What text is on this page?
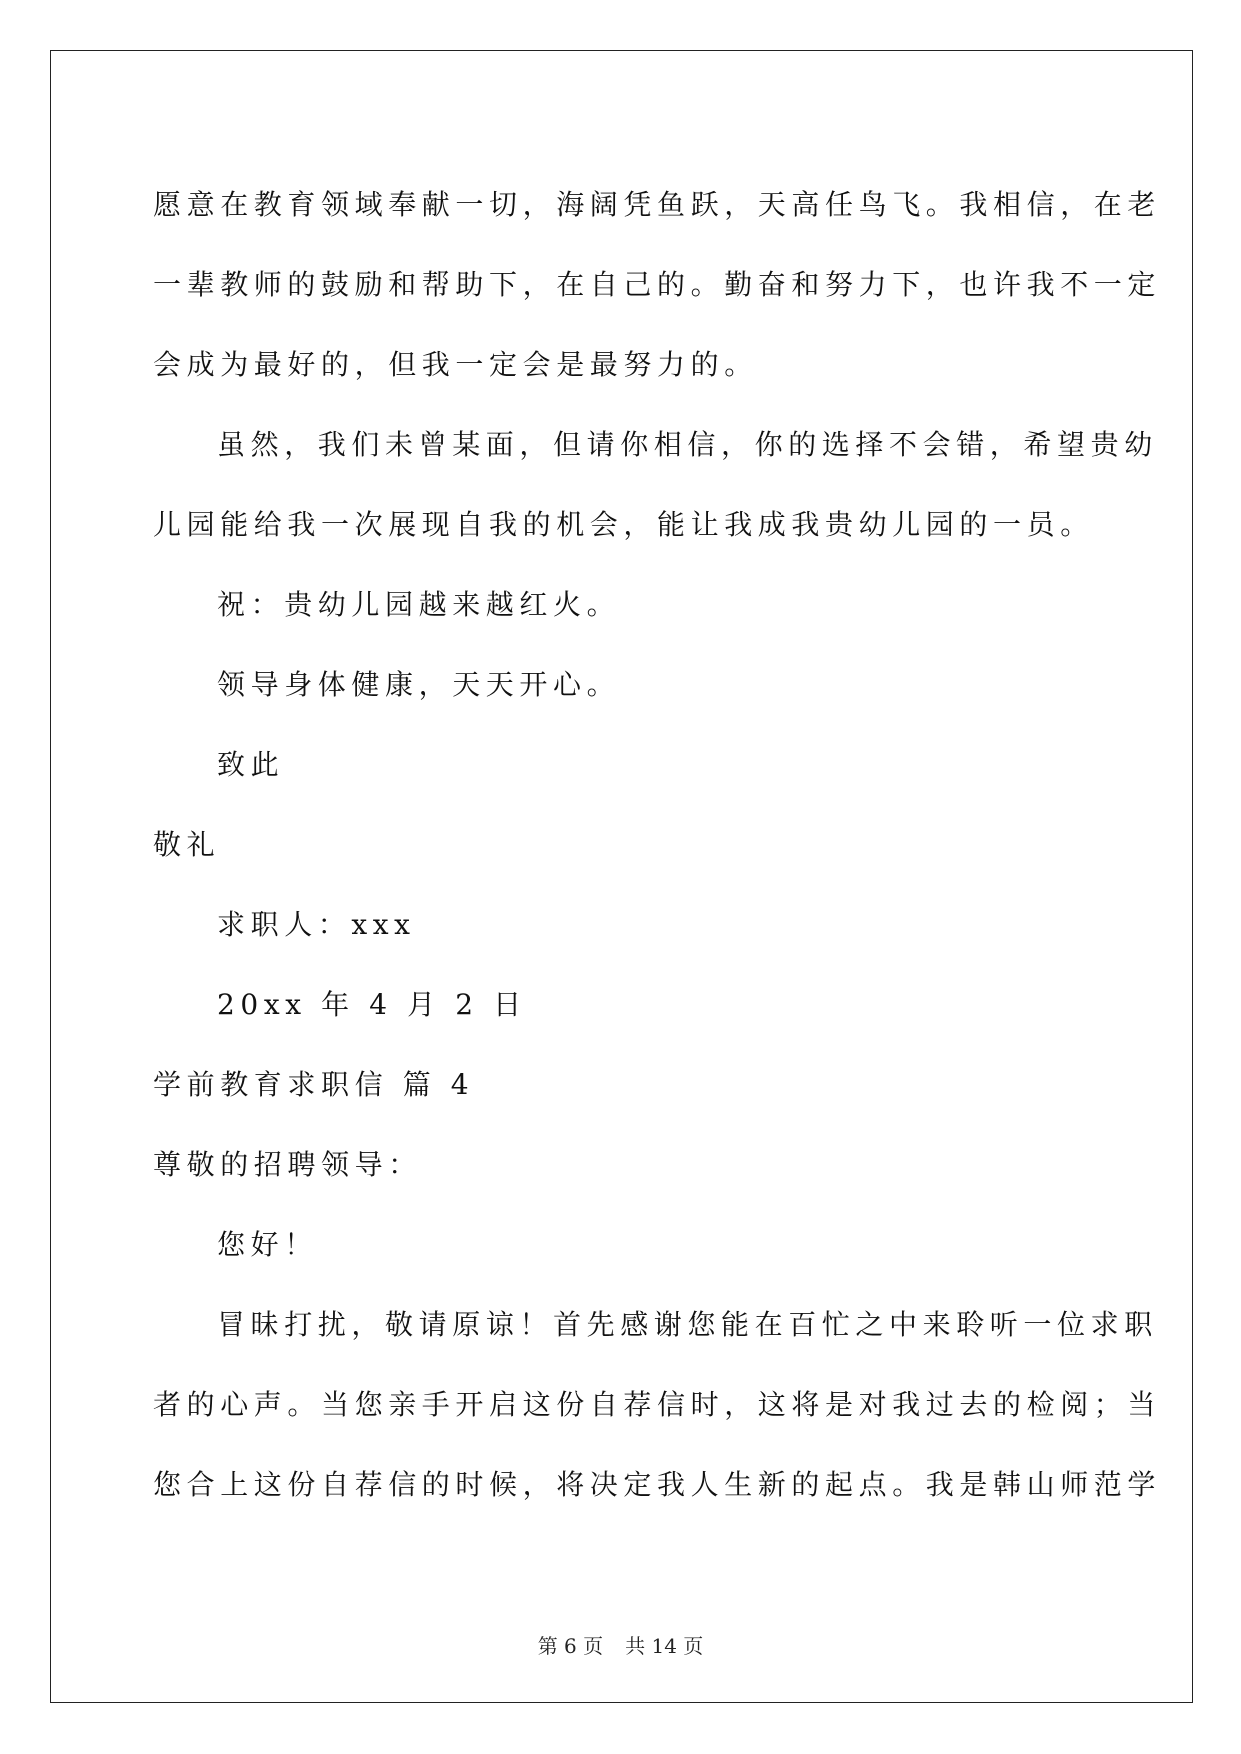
愿意在教育领域奉献一切，海阔凭鱼跃，天高任鸟飞。我相信，在老
一辈教师的鼓励和帮助下，在自己的。勤奋和努力下，也许我不一定
会成为最好的，但我一定会是最努力的。
虽然，我们未曾某面，但请你相信，你的选择不会错，希望贵幼
儿园能给我一次展现自我的机会，能让我成我贵幼儿园的一员。
祝：贵幼儿园越来越红火。
领导身体健康，天天开心。
致此
敬礼
求职人：xxx
20xx 年 4 月 2 日
学前教育求职信 篇 4
尊敬的招聘领导：
您好！
冒昧打扰，敬请原谅！首先感谢您能在百忙之中来聆听一位求职
者的心声。当您亲手开启这份自荐信时，这将是对我过去的检阅；当
您合上这份自荐信的时候，将决定我人生新的起点。我是韩山师范学
第 6 页 共 14 页
